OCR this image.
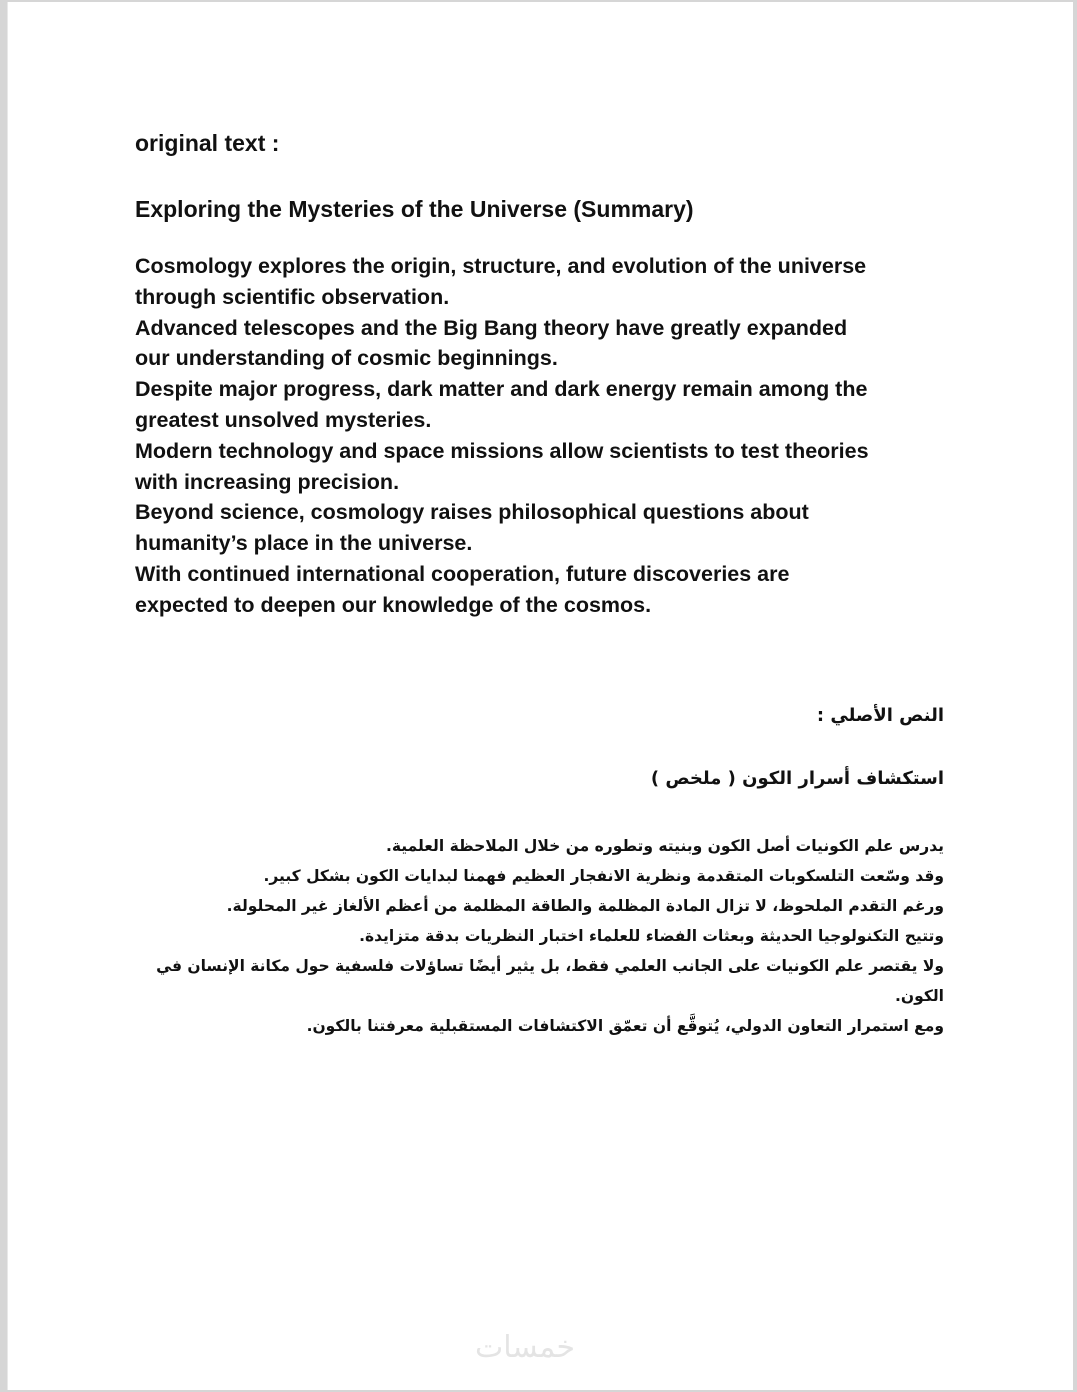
original text :
Exploring the Mysteries of the Universe (Summary)
Cosmology explores the origin, structure, and evolution of the universe
through scientific observation.
Advanced telescopes and the Big Bang theory have greatly expanded
our understanding of cosmic beginnings.
Despite major progress, dark matter and dark energy remain among the
greatest unsolved mysteries.
Modern technology and space missions allow scientists to test theories
with increasing precision.
Beyond science, cosmology raises philosophical questions about
humanity’s place in the universe.
With continued international cooperation, future discoveries are
expected to deepen our knowledge of the cosmos.
النص الأصلي :
استكشاف أسرار الكون ( ملخص )
يدرس علم الكونيات أصل الكون وبنيته وتطوره من خلال الملاحظة العلمية.
وقد وسّعت التلسكوبات المتقدمة ونظرية الانفجار العظيم فهمنا لبدايات الكون بشكل كبير.
ورغم التقدم الملحوظ، لا تزال المادة المظلمة والطاقة المظلمة من أعظم الألغاز غير المحلولة.
وتتيح التكنولوجيا الحديثة وبعثات الفضاء للعلماء اختبار النظريات بدقة متزايدة.
ولا يقتصر علم الكونيات على الجانب العلمي فقط، بل يثير أيضًا تساؤلات فلسفية حول مكانة الإنسان في الكون.
ومع استمرار التعاون الدولي، يُتوقَّع أن تعمّق الاكتشافات المستقبلية معرفتنا بالكون.
خمسات
